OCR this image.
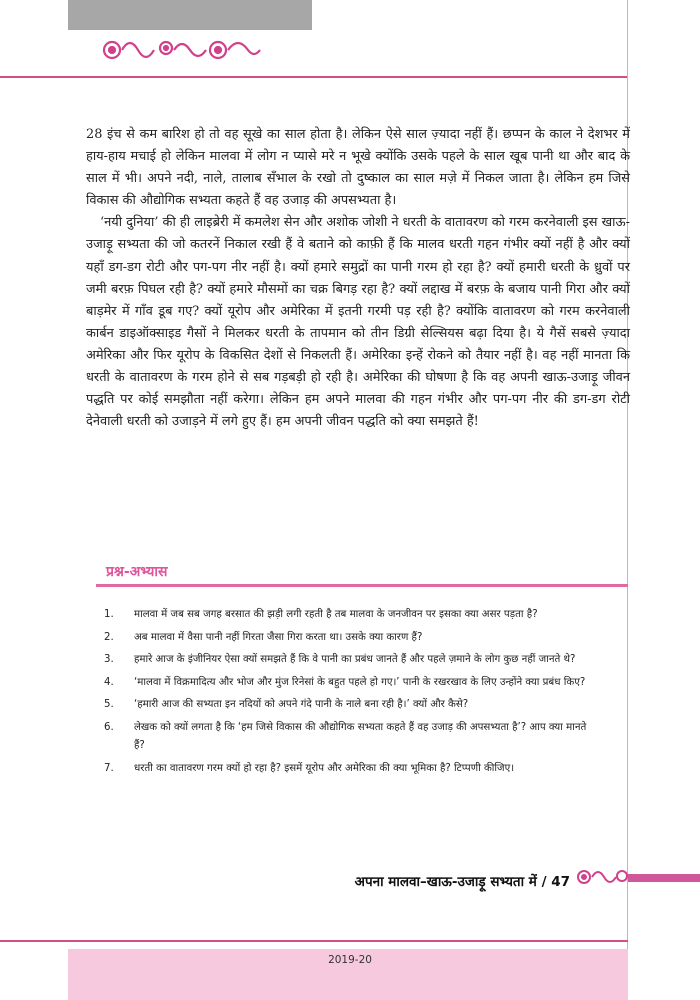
28 इंच से कम बारिश हो तो वह सूखे का साल होता है। लेकिन ऐसे साल ज़्यादा नहीं हैं। छप्पन के काल ने देशभर में हाय-हाय मचाई हो लेकिन मालवा में लोग न प्यासे मरे न भूखे क्योंकि उसके पहले के साल खूब पानी था और बाद के साल में भी। अपने नदी, नाले, तालाब सँभाल के रखो तो दुष्काल का साल मज़े में निकल जाता है। लेकिन हम जिसे विकास की औद्योगिक सभ्यता कहते हैं वह उजाड़ की अपसभ्यता है।

‘नयी दुनिया’ की ही लाइब्रेरी में कमलेश सेन और अशोक जोशी ने धरती के वातावरण को गरम करनेवाली इस खाऊ-उजाड़ू सभ्यता की जो कतरनें निकाल रखी हैं वे बताने को काफ़ी हैं कि मालव धरती गहन गंभीर क्यों नहीं है और क्यों यहाँ डग-डग रोटी और पग-पग नीर नहीं है। क्यों हमारे समुद्रों का पानी गरम हो रहा है? क्यों हमारी धरती के ध्रुवों पर जमी बरफ़ पिघल रही है? क्यों हमारे मौसमों का चक्र बिगड़ रहा है? क्यों लद्दाख में बरफ़ के बजाय पानी गिरा और क्यों बाड़मेर में गाँव डूब गए? क्यों यूरोप और अमेरिका में इतनी गरमी पड़ रही है? क्योंकि वातावरण को गरम करनेवाली कार्बन डाइऑक्साइड गैसों ने मिलकर धरती के तापमान को तीन डिग्री सेल्सियस बढ़ा दिया है। ये गैसें सबसे ज़्यादा अमेरिका और फिर यूरोप के विकसित देशों से निकलती हैं। अमेरिका इन्हें रोकने को तैयार नहीं है। वह नहीं मानता कि धरती के वातावरण के गरम होने से सब गड़बड़ी हो रही है। अमेरिका की घोषणा है कि वह अपनी खाऊ-उजाड़ू जीवन पद्धति पर कोई समझौता नहीं करेगा। लेकिन हम अपने मालवा की गहन गंभीर और पग-पग नीर की डग-डग रोटी देनेवाली धरती को उजाड़ने में लगे हुए हैं। हम अपनी जीवन पद्धति को क्या समझते हैं!

प्रश्न-अभ्यास
1. मालवा में जब सब जगह बरसात की झड़ी लगी रहती है तब मालवा के जनजीवन पर इसका क्या असर पड़ता है?
2. अब मालवा में वैसा पानी नहीं गिरता जैसा गिरा करता था। उसके क्या कारण हैं?
3. हमारे आज के इंजीनियर ऐसा क्यों समझते हैं कि वे पानी का प्रबंध जानते हैं और पहले ज़माने के लोग कुछ नहीं जानते थे?
4. ‘मालवा में विक्रमादित्य और भोज और मुंज रिनेसां के बहुत पहले हो गए।’ पानी के रखरखाव के लिए उन्होंने क्या प्रबंध किए?
5. ‘हमारी आज की सभ्यता इन नदियों को अपने गंदे पानी के नाले बना रही है।’ क्यों और कैसे?
6. लेखक को क्यों लगता है कि ‘हम जिसे विकास की औद्योगिक सभ्यता कहते हैं वह उजाड़ की अपसभ्यता है’? आप क्या मानते हैं?
7. धरती का वातावरण गरम क्यों हो रहा है? इसमें यूरोप और अमेरिका की क्या भूमिका है? टिप्पणी कीजिए।
अपना मालवा–खाऊ-उजाड़ू सभ्यता में / 47
2019-20
